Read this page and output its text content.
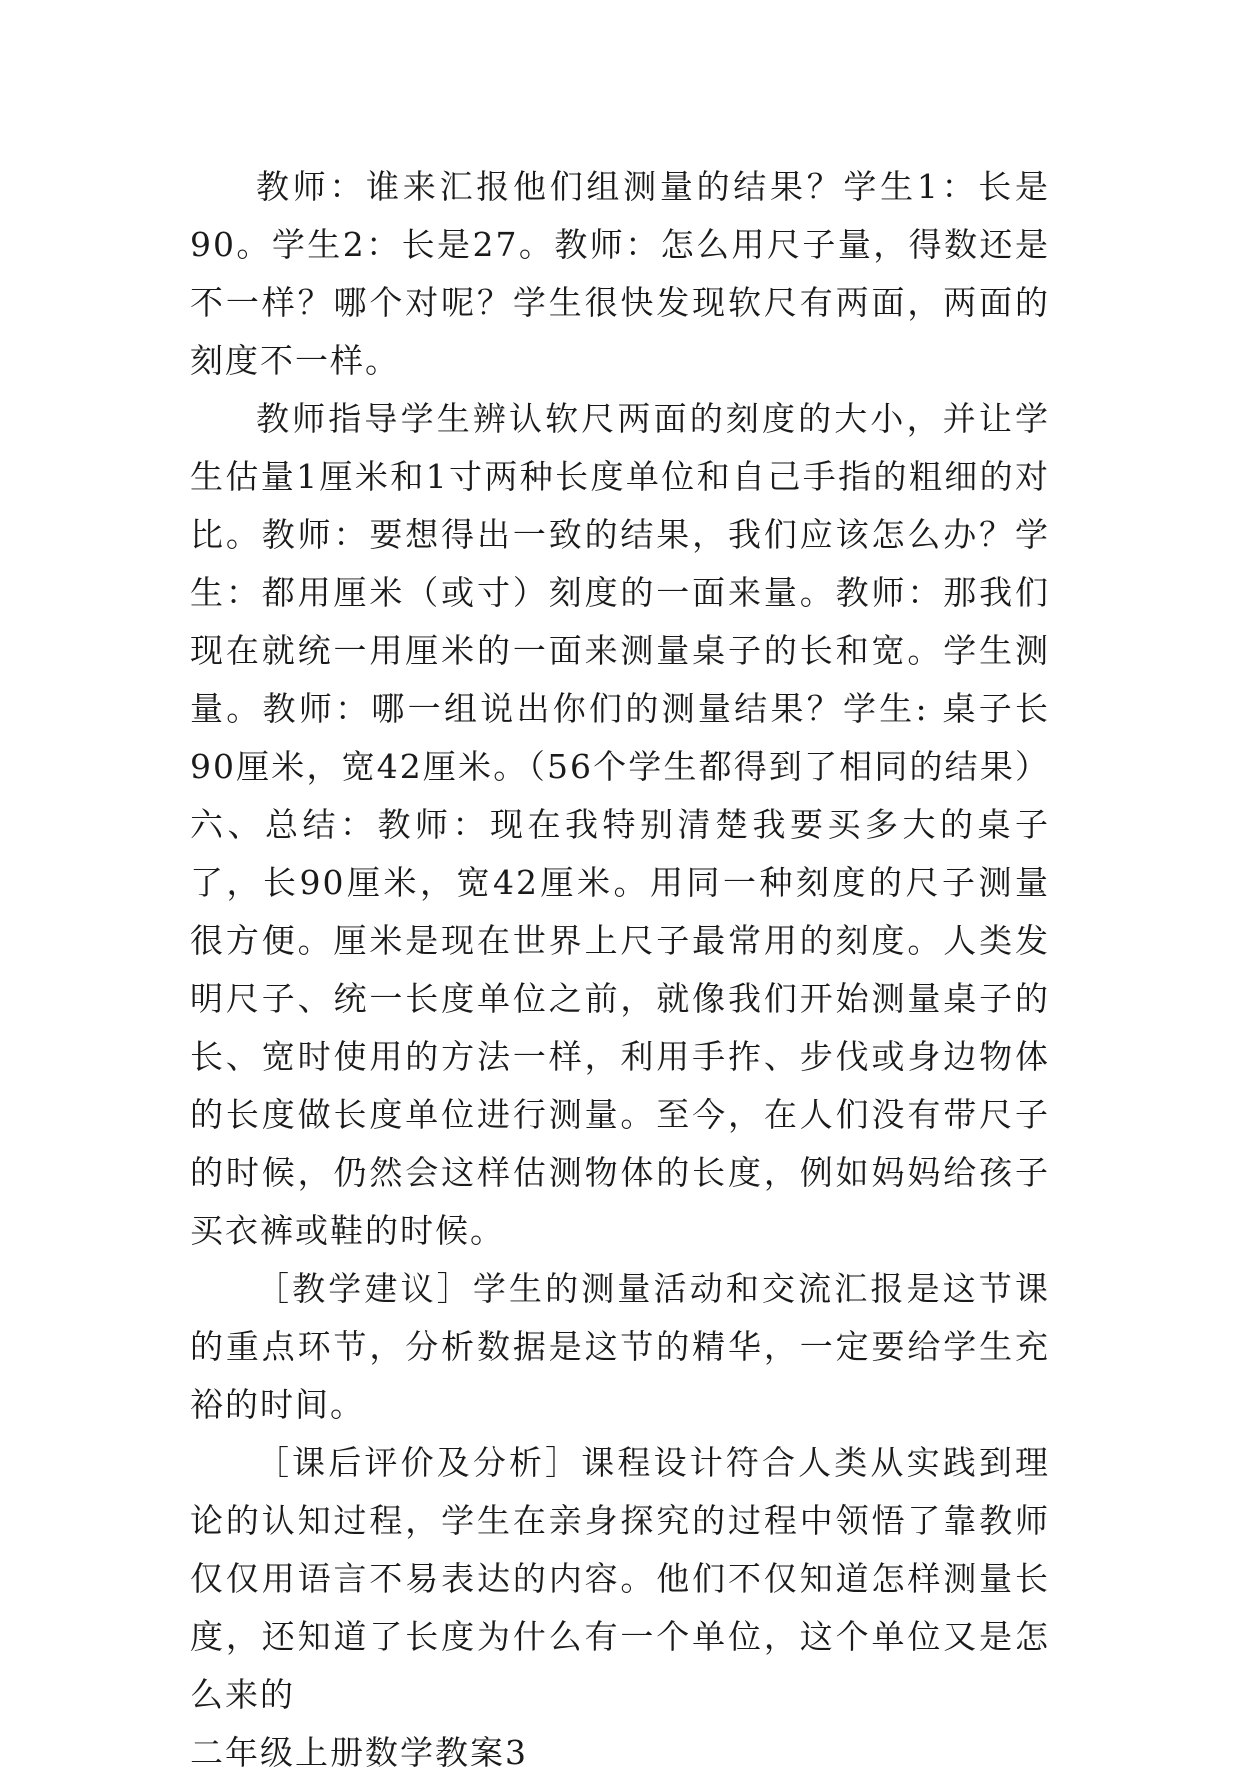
教师：谁来汇报他们组测量的结果？学生1：长是90。学生2：长是27。教师：怎么用尺子量，得数还是不一样？哪个对呢？学生很快发现软尺有两面，两面的刻度不一样。

教师指导学生辨认软尺两面的刻度的大小，并让学生估量1厘米和1寸两种长度单位和自己手指的粗细的对比。教师：要想得出一致的结果，我们应该怎么办？学生：都用厘米（或寸）刻度的一面来量。教师：那我们现在就统一用厘米的一面来测量桌子的长和宽。学生测量。教师：哪一组说出你们的测量结果？学生: 桌子长90厘米，宽42厘米。（56个学生都得到了相同的结果）六、总结：教师：现在我特别清楚我要买多大的桌子了，长90厘米，宽42厘米。用同一种刻度的尺子测量很方便。厘米是现在世界上尺子最常用的刻度。人类发明尺子、统一长度单位之前，就像我们开始测量桌子的长、宽时使用的方法一样，利用手拃、步伐或身边物体的长度做长度单位进行测量。至今，在人们没有带尺子的时候，仍然会这样估测物体的长度，例如妈妈给孩子买衣裤或鞋的时候。

［教学建议］学生的测量活动和交流汇报是这节课的重点环节，分析数据是这节的精华，一定要给学生充裕的时间。

［课后评价及分析］课程设计符合人类从实践到理论的认知过程，学生在亲身探究的过程中领悟了靠教师仅仅用语言不易表达的内容。他们不仅知道怎样测量长度，还知道了长度为什么有一个单位，这个单位又是怎么来的

二年级上册数学教案3
